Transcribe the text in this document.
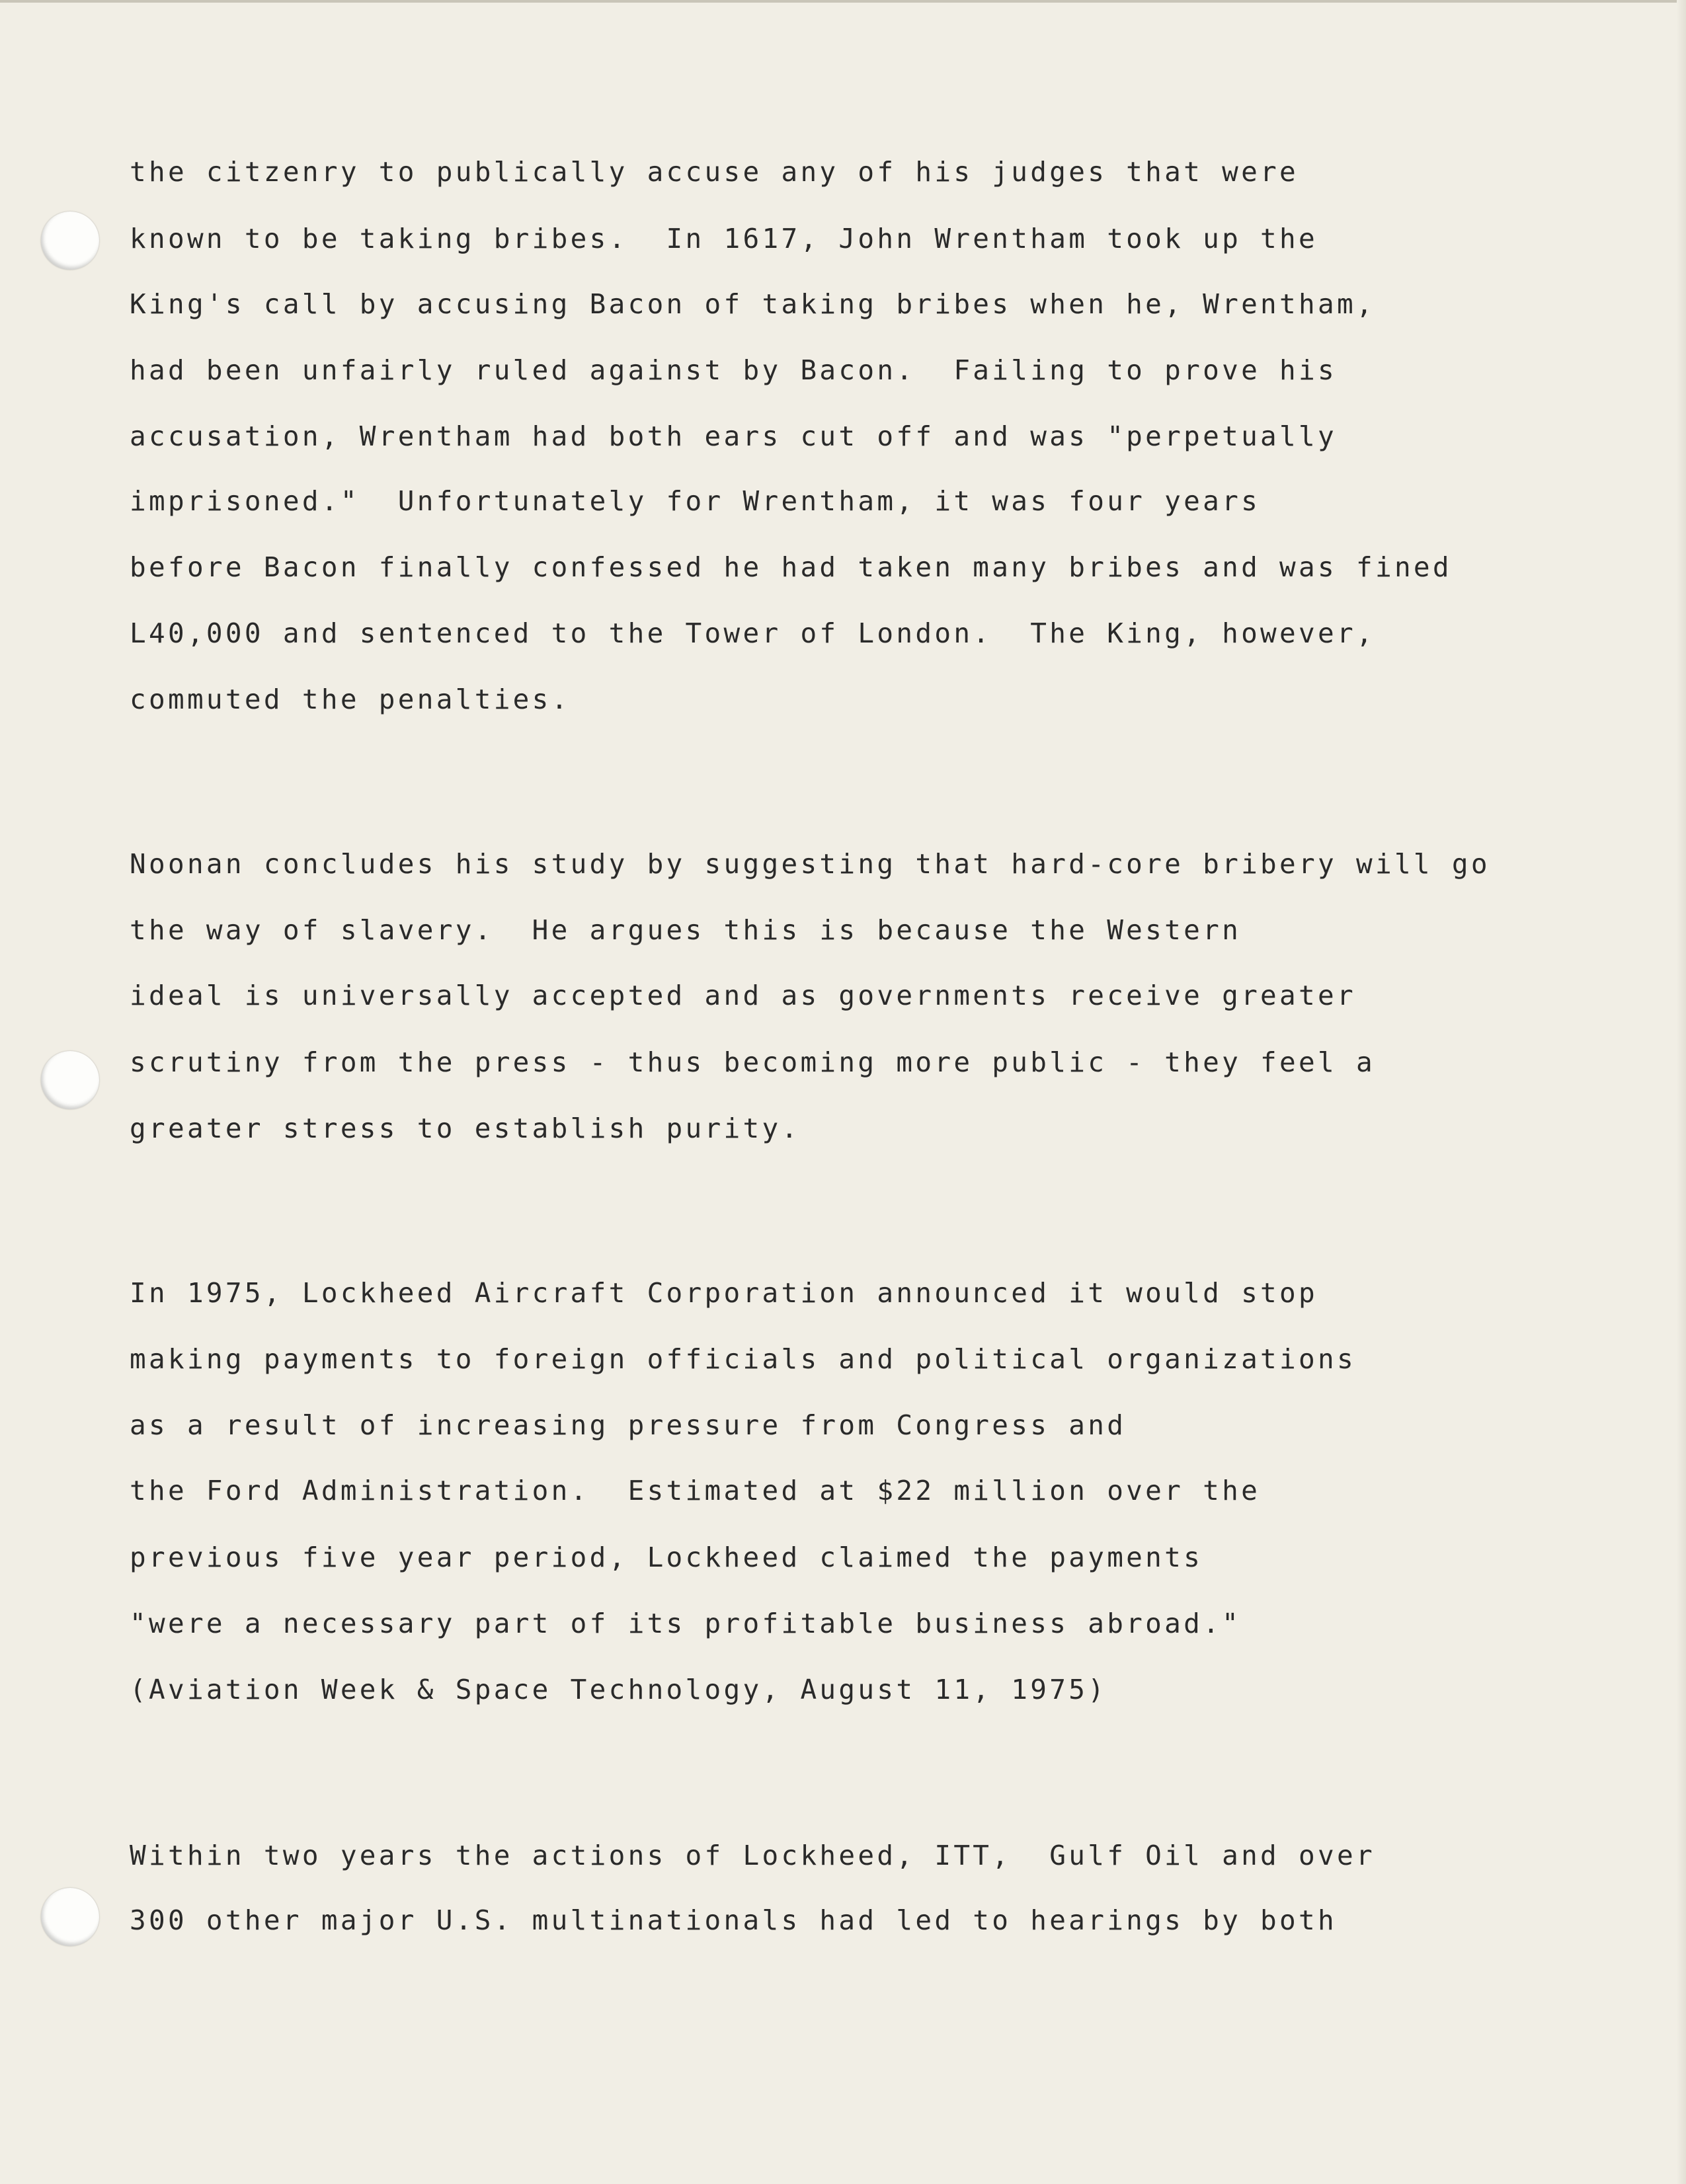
the citzenry to publically accuse any of his judges that were

known to be taking bribes.  In 1617, John Wrentham took up the

King's call by accusing Bacon of taking bribes when he, Wrentham,

had been unfairly ruled against by Bacon.  Failing to prove his

accusation, Wrentham had both ears cut off and was "perpetually

imprisoned."  Unfortunately for Wrentham, it was four years

before Bacon finally confessed he had taken many bribes and was fined

L40,000 and sentenced to the Tower of London.  The King, however,

commuted the penalties.

Noonan concludes his study by suggesting that hard-core bribery will go

the way of slavery.  He argues this is because the Western

ideal is universally accepted and as governments receive greater

scrutiny from the press - thus becoming more public - they feel a

greater stress to establish purity.

In 1975, Lockheed Aircraft Corporation announced it would stop

making payments to foreign officials and political organizations

as a result of increasing pressure from Congress and

the Ford Administration.  Estimated at $22 million over the

previous five year period, Lockheed claimed the payments

"were a necessary part of its profitable business abroad."

(Aviation Week & Space Technology, August 11, 1975)

Within two years the actions of Lockheed, ITT,  Gulf Oil and over

300 other major U.S. multinationals had led to hearings by both
